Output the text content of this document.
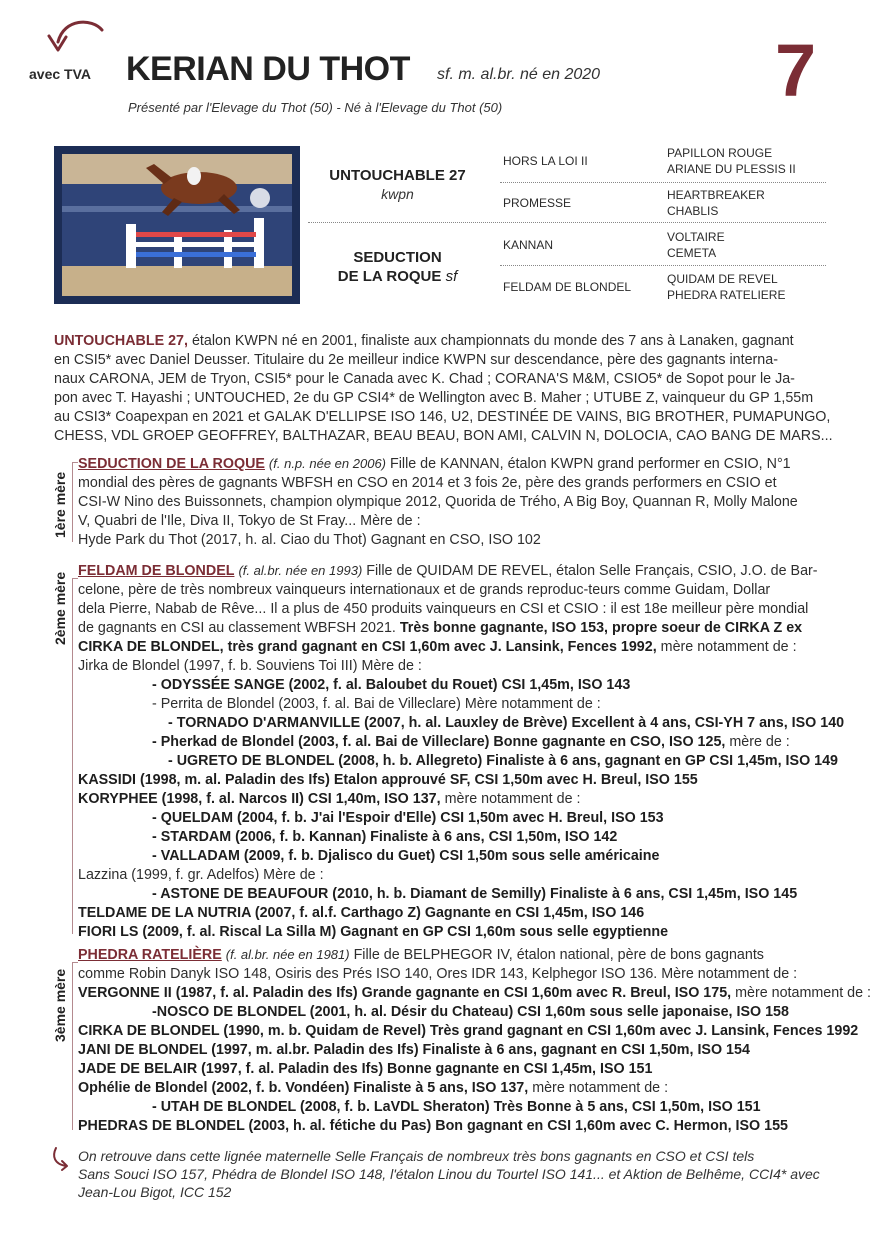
avec TVA KERIAN DU THOT sf. m. al.br. né en 2020 7
Présenté par l'Elevage du Thot (50) - Né à l'Elevage du Thot (50)
UNTOUCHABLE 27
kwpn
SEDUCTION
DE LA ROQUE sf
HORS LA LOI II
PROMESSE
KANNAN
FELDAM DE BLONDEL
PAPILLON ROUGE
ARIANE DU PLESSIS II
HEARTBREAKER
CHABLIS
VOLTAIRE
CEMETA
QUIDAM DE REVEL
PHEDRA RATELIERE
UNTOUCHABLE 27, étalon KWPN né en 2001, finaliste aux championnats du monde des 7 ans à Lanaken, gagnant
en CSI5* avec Daniel Deusser. Titulaire du 2e meilleur indice KWPN sur descendance, père des gagnants interna-
naux CARONA, JEM de Tryon, CSI5* pour le Canada avec K. Chad ; CORANA'S M&M, CSIO5* de Sopot pour le Ja-
pon avec T. Hayashi ; UNTOUCHED, 2e du GP CSI4* de Wellington avec B. Maher ; UTUBE Z, vainqueur du GP 1,55m
au CSI3* Coapexpan en 2021 et GALAK D'ELLIPSE ISO 146, U2, DESTINÉE DE VAINS, BIG BROTHER, PUMAPUNGO,
CHESS, VDL GROEP GEOFFREY, BALTHAZAR, BEAU BEAU, BON AMI, CALVIN N, DOLOCIA, CAO BANG DE MARS...
1ère mère
SEDUCTION DE LA ROQUE (f. n.p. née en 2006) Fille de KANNAN, étalon KWPN grand performer en CSIO, N°1
mondial des pères de gagnants WBFSH en CSO en 2014 et 3 fois 2e, père des grands performers en CSIO et
CSI-W Nino des Buissonnets, champion olympique 2012, Quorida de Trého, A Big Boy, Quannan R, Molly Malone
V, Quabri de l'Ile, Diva II, Tokyo de St Fray... Mère de :
Hyde Park du Thot (2017, h. al. Ciao du Thot) Gagnant en CSO, ISO 102
2ème mère
FELDAM DE BLONDEL (f. al.br. née en 1993) Fille de QUIDAM DE REVEL, étalon Selle Français, CSIO, J.O. de Bar-
celone, père de très nombreux vainqueurs internationaux et de grands reproduc-teurs comme Guidam, Dollar
dela Pierre, Nabab de Rêve... Il a plus de 450 produits vainqueurs en CSI et CSIO : il est 18e meilleur père mondial
de gagnants en CSI au classement WBFSH 2021. Très bonne gagnante, ISO 153, propre soeur de CIRKA Z ex
CIRKA DE BLONDEL, très grand gagnant en CSI 1,60m avec J. Lansink, Fences 1992, mère notamment de :
Jirka de Blondel (1997, f. b. Souviens Toi III) Mère de :
- ODYSSÉE SANGE (2002, f. al. Baloubet du Rouet) CSI 1,45m, ISO 143
- Perrita de Blondel (2003, f. al. Bai de Villeclare) Mère notamment de :
- TORNADO D'ARMANVILLE (2007, h. al. Lauxley de Brève) Excellent à 4 ans, CSI-YH 7 ans, ISO 140
- Pherkad de Blondel (2003, f. al. Bai de Villeclare) Bonne gagnante en CSO, ISO 125, mère de :
- UGRETO DE BLONDEL (2008, h. b. Allegreto) Finaliste à 6 ans, gagnant en GP CSI 1,45m, ISO 149
KASSIDI (1998, m. al. Paladin des Ifs) Etalon approuvé SF, CSI 1,50m avec H. Breul, ISO 155
KORYPHEE (1998, f. al. Narcos II) CSI 1,40m, ISO 137, mère notamment de :
- QUELDAM (2004, f. b. J'ai l'Espoir d'Elle) CSI 1,50m avec H. Breul, ISO 153
- STARDAM (2006, f. b. Kannan) Finaliste à 6 ans, CSI 1,50m, ISO 142
- VALLADAM (2009, f. b. Djalisco du Guet) CSI 1,50m sous selle américaine
Lazzina (1999, f. gr. Adelfos) Mère de :
- ASTONE DE BEAUFOUR (2010, h. b. Diamant de Semilly) Finaliste à 6 ans, CSI 1,45m, ISO 145
TELDAME DE LA NUTRIA (2007, f. al.f. Carthago Z) Gagnante en CSI 1,45m, ISO 146
FIORI LS (2009, f. al. Riscal La Silla M) Gagnant en GP CSI 1,60m sous selle egyptienne
3ème mère
PHEDRA RATELIÈRE (f. al.br. née en 1981) Fille de BELPHEGOR IV, étalon national, père de bons gagnants
comme Robin Danyk ISO 148, Osiris des Prés ISO 140, Ores IDR 143, Kelphegor ISO 136. Mère notamment de :
VERGONNE II (1987, f. al. Paladin des Ifs) Grande gagnante en CSI 1,60m avec R. Breul, ISO 175, mère notamment de :
-NOSCO DE BLONDEL (2001, h. al. Désir du Chateau) CSI 1,60m sous selle japonaise, ISO 158
CIRKA DE BLONDEL (1990, m. b. Quidam de Revel) Très grand gagnant en CSI 1,60m avec J. Lansink, Fences 1992
JANI DE BLONDEL (1997, m. al.br. Paladin des Ifs) Finaliste à 6 ans, gagnant en CSI 1,50m, ISO 154
JADE DE BELAIR (1997, f. al. Paladin des Ifs) Bonne gagnante en CSI 1,45m, ISO 151
Ophélie de Blondel (2002, f. b. Vondéen) Finaliste à 5 ans, ISO 137, mère notamment de :
- UTAH DE BLONDEL (2008, f. b. LaVDL Sheraton) Très Bonne à 5 ans, CSI 1,50m, ISO 151
PHEDRAS DE BLONDEL (2003, h. al. fétiche du Pas) Bon gagnant en CSI 1,60m avec C. Hermon, ISO 155
On retrouve dans cette lignée maternelle Selle Français de nombreux très bons gagnants en CSO et CSI tels
Sans Souci ISO 157, Phédra de Blondel ISO 148, l'étalon Linou du Tourtel ISO 141... et Aktion de Belhême, CCI4* avec
Jean-Lou Bigot, ICC 152
